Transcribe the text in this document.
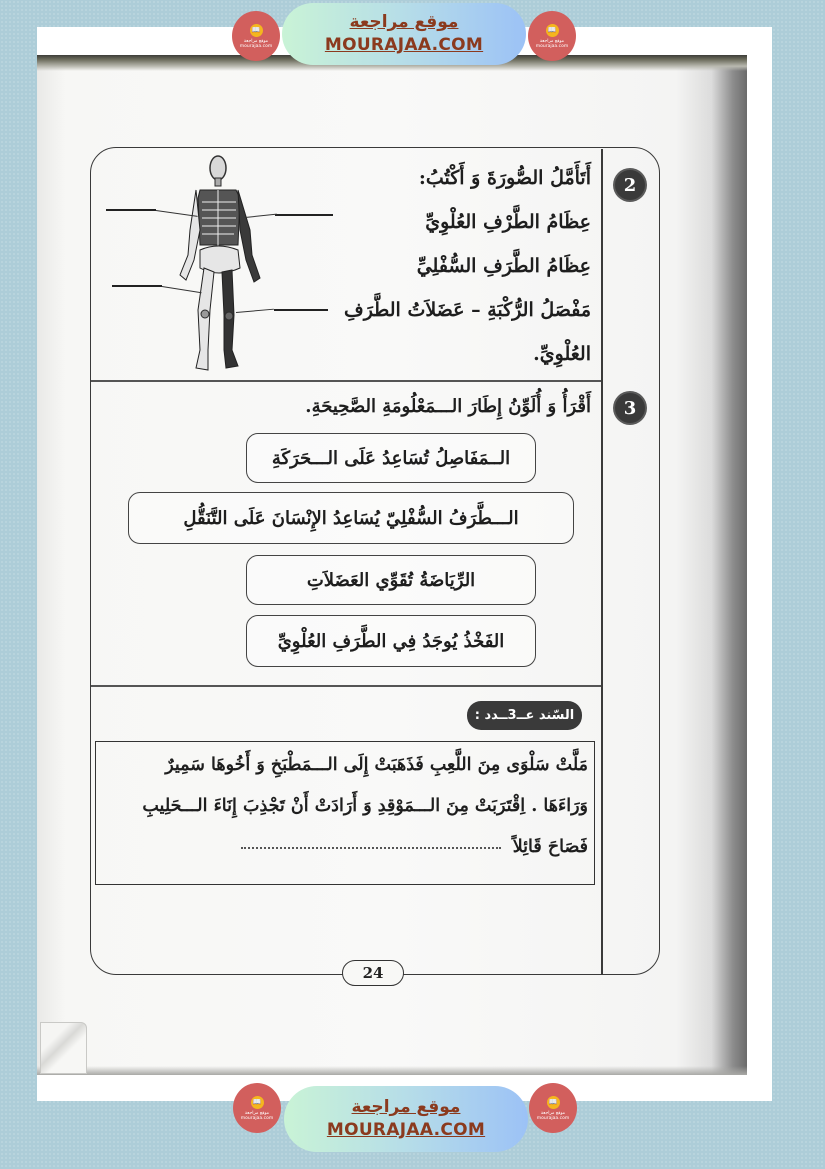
📖
موقع مراجعة mourajaa.com
موقع مراجعة
MOURAJAA.COM
📖
موقع مراجعة mourajaa.com
2
أَتَأَمَّلُ الصُّورَةَ وَ أَكْتُبُ:
عِظَامُ الطَّرْفِ العُلْوِيِّ
عِظَامُ الطَّرَفِ السُّفْلِيِّ
مَفْصَلُ الرُّكْبَةِ – عَضَلاَتُ الطَّرَفِ
العُلْوِيِّ.
3
أَقْرَأُ وَ أُلَوِّنُ إِطَارَ الـــمَعْلُومَةِ الصَّحِيحَةِ.
الــمَفَاصِلُ تُسَاعِدُ عَلَى الـــحَرَكَةِ
الـــطَّرَفُ السُّفْلِيّ يُسَاعِدُ الإِنْسَانَ عَلَى التَّنَقُّلِ
الرِّيَاضَةُ تُقَوِّي العَضَلاَتِ
الفَخْذُ يُوجَدُ فِي الطَّرَفِ العُلْوِيِّ
السّند عــ3ــدد :
مَلَّتْ سَلْوَى مِنَ اللَّعِبِ فَذَهَبَتْ إِلَى الـــمَطْبَخِ وَ أَخُوهَا سَمِيرٌ
وَرَاءَهَا . اِقْتَرَبَتْ مِنَ الـــمَوْقِدِ وَ أَرَادَتْ أَنْ تَجْذِبَ إِنَاءَ الـــحَلِيبِ
فَصَاحَ قَائِلاً
24
📖
موقع مراجعة mourajaa.com
موقع مراجعة
MOURAJAA.COM
📖
موقع مراجعة mourajaa.com
